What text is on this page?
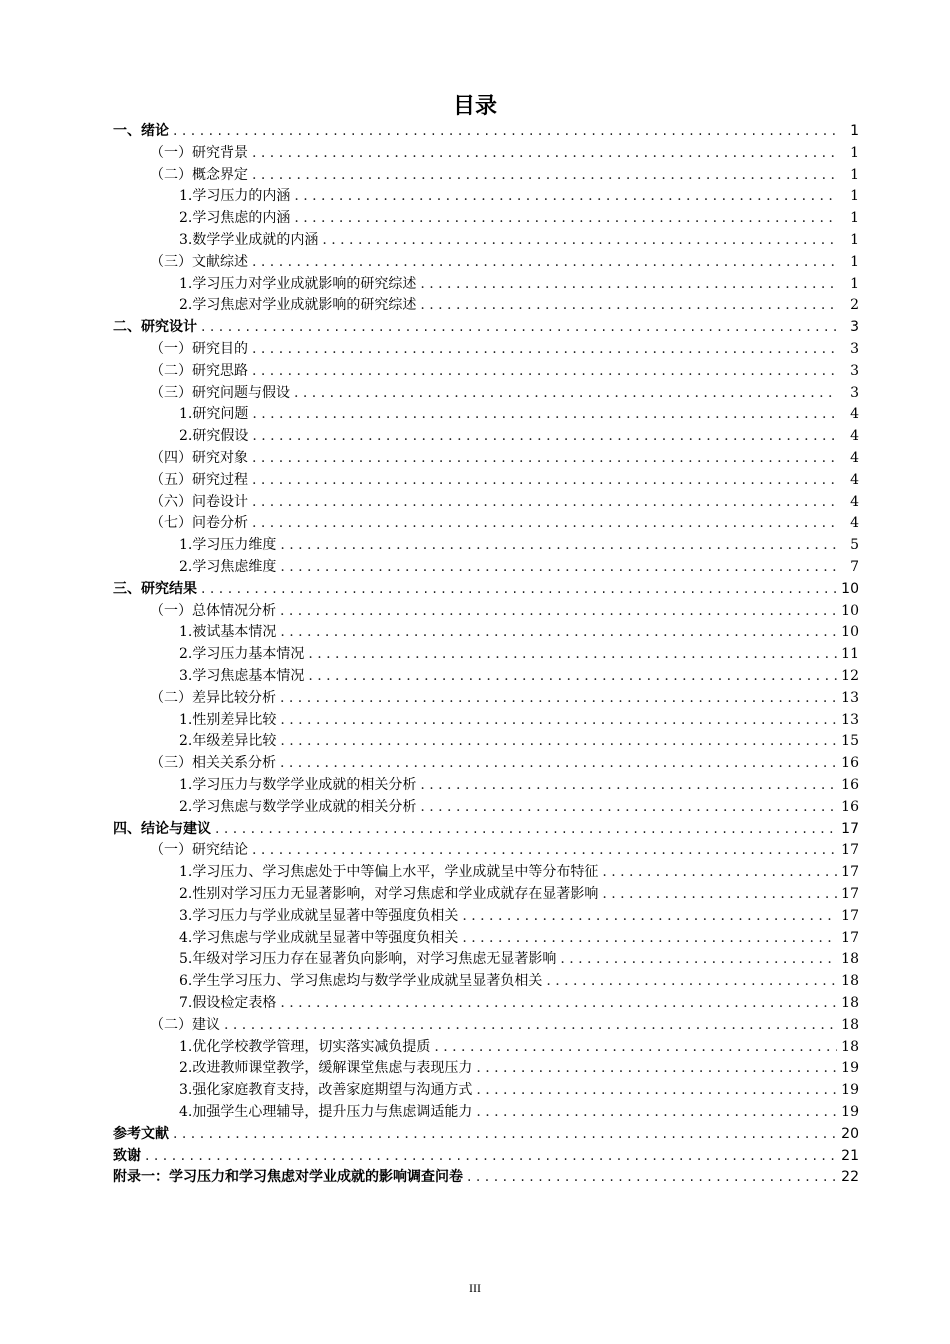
目录
一、绪论 . . .	1
（一）研究背景 . . .	1
（二）概念界定 . . .	1
1.学习压力的内涵 . . .	1
2.学习焦虑的内涵 . . .	1
3.数学学业成就的内涵 . . .	1
（三）文献综述 . . .	1
1.学习压力对学业成就影响的研究综述 . . .	1
2.学习焦虑对学业成就影响的研究综述 . . .	2
二、研究设计 . . .	3
（一）研究目的 . . .	3
（二）研究思路 . . .	3
（三）研究问题与假设 . . .	3
1.研究问题 . . .	4
2.研究假设 . . .	4
（四）研究对象 . . .	4
（五）研究过程 . . .	4
（六）问卷设计 . . .	4
（七）问卷分析 . . .	4
1.学习压力维度 . . .	5
2.学习焦虑维度 . . .	7
三、研究结果 . . .	10
（一）总体情况分析 . . .	10
1.被试基本情况 . . .	10
2.学习压力基本情况 . . .	11
3.学习焦虑基本情况 . . .	12
（二）差异比较分析 . . .	13
1.性别差异比较 . . .	13
2.年级差异比较 . . .	15
（三）相关关系分析 . . .	16
1.学习压力与数学学业成就的相关分析 . . .	16
2.学习焦虑与数学学业成就的相关分析 . . .	16
四、结论与建议 . . .	17
（一）研究结论 . . .	17
1.学习压力、学习焦虑处于中等偏上水平，学业成就呈中等分布特征 . . .	17
2.性别对学习压力无显著影响，对学习焦虑和学业成就存在显著影响 . . .	17
3.学习压力与学业成就呈显著中等强度负相关 . . .	17
4.学习焦虑与学业成就呈显著中等强度负相关 . . .	17
5.年级对学习压力存在显著负向影响，对学习焦虑无显著影响 . . .	18
6.学生学习压力、学习焦虑均与数学学业成就呈显著负相关 . . .	18
7.假设检定表格 . . .	18
（二）建议 . . .	18
1.优化学校教学管理，切实落实减负提质 . . .	18
2.改进教师课堂教学，缓解课堂焦虑与表现压力 . . .	19
3.强化家庭教育支持，改善家庭期望与沟通方式 . . .	19
4.加强学生心理辅导，提升压力与焦虑调适能力 . . .	19
参考文献 . . .	20
致谢 . . .	21
附录一：学习压力和学习焦虑对学业成就的影响调查问卷 . . .	22
III
